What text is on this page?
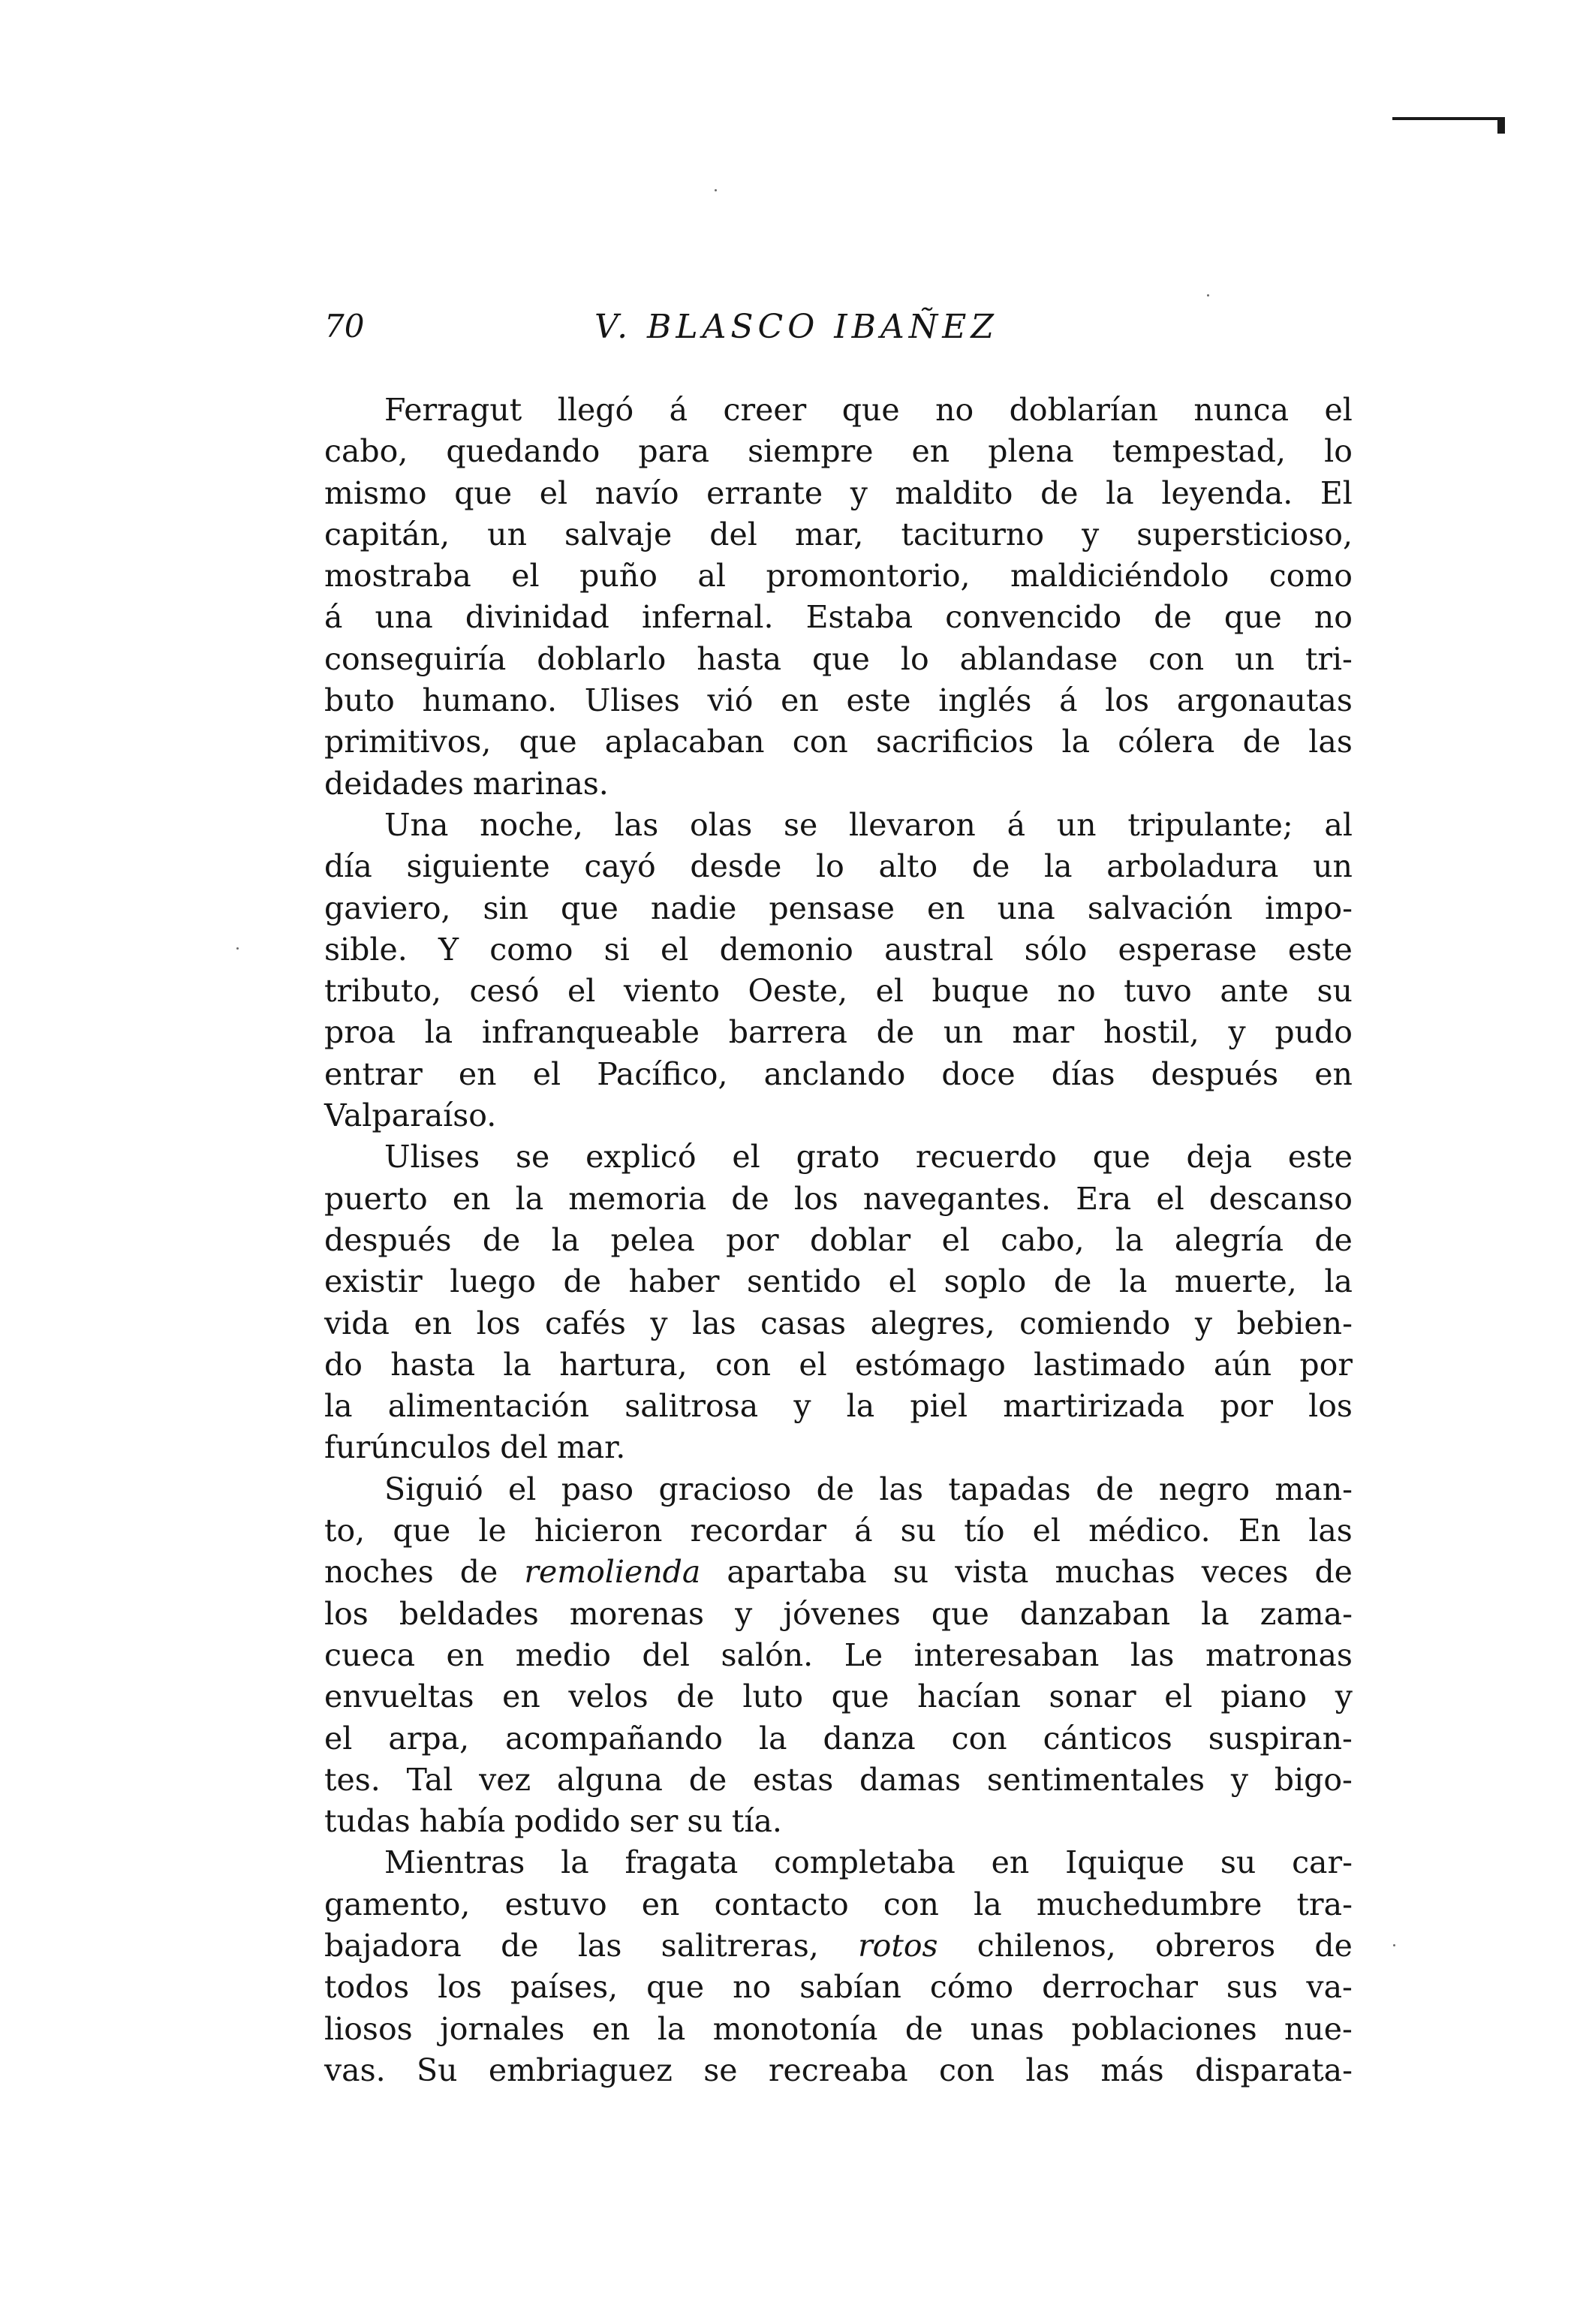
70	V. BLASCO IBAÑEZ
Ferragut llegó á creer que no doblarían nunca el
cabo, quedando para siempre en plena tempestad, lo
mismo que el navío errante y maldito de la leyenda. El
capitán, un salvaje del mar, taciturno y supersticioso,
mostraba el puño al promontorio, maldiciéndolo como
á una divinidad infernal. Estaba convencido de que no
conseguiría doblarlo hasta que lo ablandase con un tri-
buto humano. Ulises vió en este inglés á los argonautas
primitivos, que aplacaban con sacrificios la cólera de las
deidades marinas.
Una noche, las olas se llevaron á un tripulante; al
día siguiente cayó desde lo alto de la arboladura un
gaviero, sin que nadie pensase en una salvación impo-
sible. Y como si el demonio austral sólo esperase este
tributo, cesó el viento Oeste, el buque no tuvo ante su
proa la infranqueable barrera de un mar hostil, y pudo
entrar en el Pacífico, anclando doce días después en
Valparaíso.
Ulises se explicó el grato recuerdo que deja este
puerto en la memoria de los navegantes. Era el descanso
después de la pelea por doblar el cabo, la alegría de
existir luego de haber sentido el soplo de la muerte, la
vida en los cafés y las casas alegres, comiendo y bebien-
do hasta la hartura, con el estómago lastimado aún por
la alimentación salitrosa y la piel martirizada por los
furúnculos del mar.
Siguió el paso gracioso de las tapadas de negro man-
to, que le hicieron recordar á su tío el médico. En las
noches de remolienda apartaba su vista muchas veces de
los beldades morenas y jóvenes que danzaban la zama-
cueca en medio del salón. Le interesaban las matronas
envueltas en velos de luto que hacían sonar el piano y
el arpa, acompañando la danza con cánticos suspiran-
tes. Tal vez alguna de estas damas sentimentales y bigo-
tudas había podido ser su tía.
Mientras la fragata completaba en Iquique su car-
gamento, estuvo en contacto con la muchedumbre tra-
bajadora de las salitreras, rotos chilenos, obreros de
todos los países, que no sabían cómo derrochar sus va-
liosos jornales en la monotonía de unas poblaciones nue-
vas. Su embriaguez se recreaba con las más disparata-
